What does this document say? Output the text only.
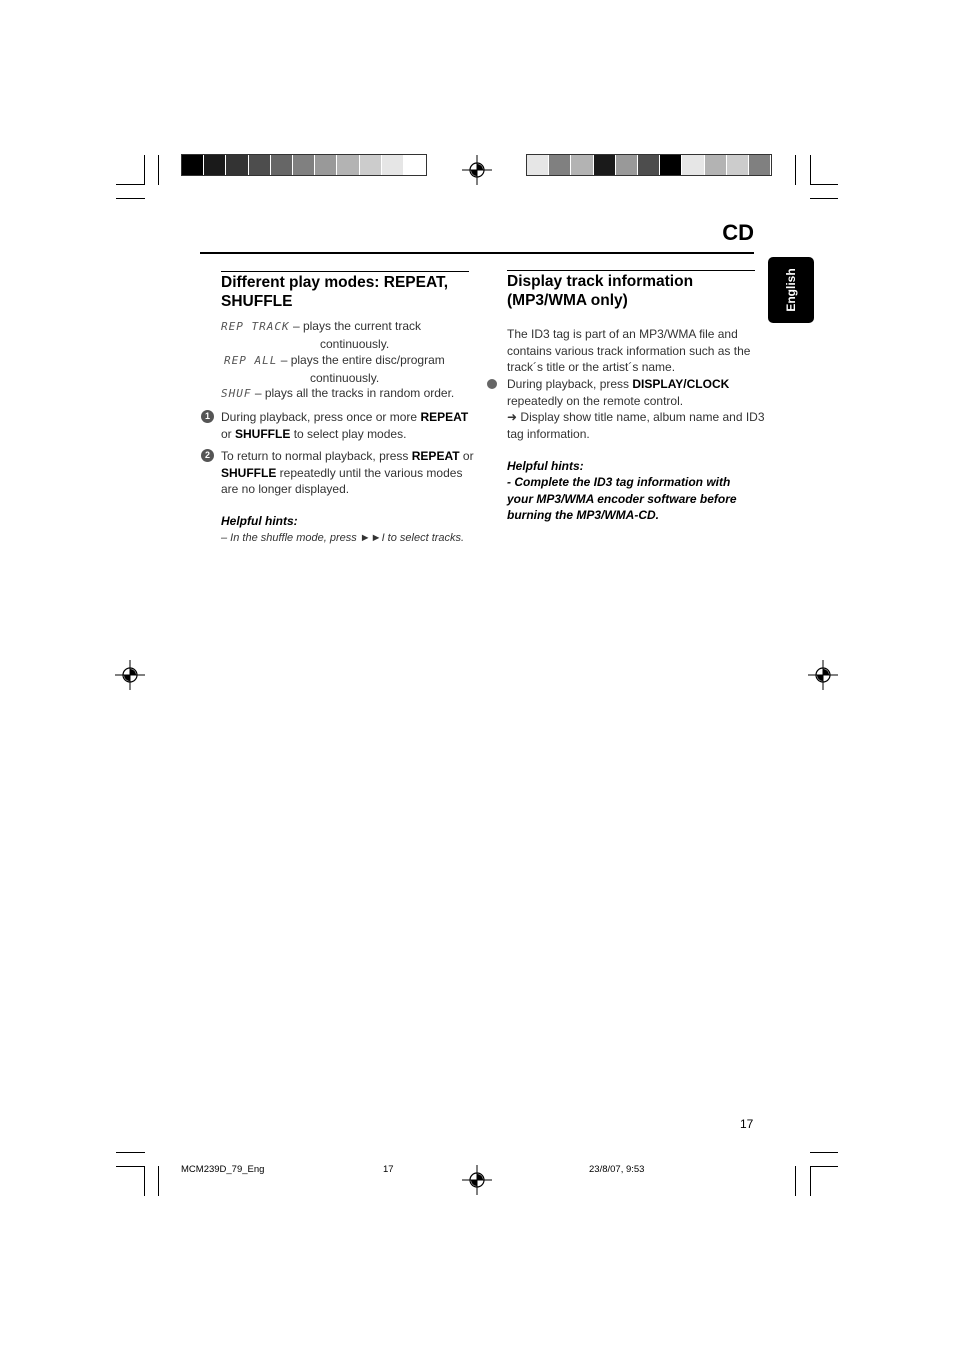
CD
English
Different play modes: REPEAT,
SHUFFLE
REP TRACK – plays the current track
continuously.
REP ALL – plays the entire disc/program
continuously.
SHUF – plays all the tracks in random order.
1 During playback, press once or more REPEAT
or SHUFFLE to select play modes.
2 To return to normal playback, press REPEAT or
SHUFFLE repeatedly until the various modes
are no longer displayed.
Helpful hints:
– In the shuffle mode, press ►►I to select tracks.
Display track information
(MP3/WMA only)
The ID3 tag is part of an MP3/WMA file and
contains various track information such as the
track´s title or the artist´s name.
During playback, press DISPLAY/CLOCK
repeatedly on the remote control.
➜ Display show title name, album name and ID3
tag information.
Helpful hints:
- Complete the ID3 tag information with
your MP3/WMA encoder software before
burning the MP3/WMA-CD.
17
MCM239D_79_Eng	17	23/8/07, 9:53
